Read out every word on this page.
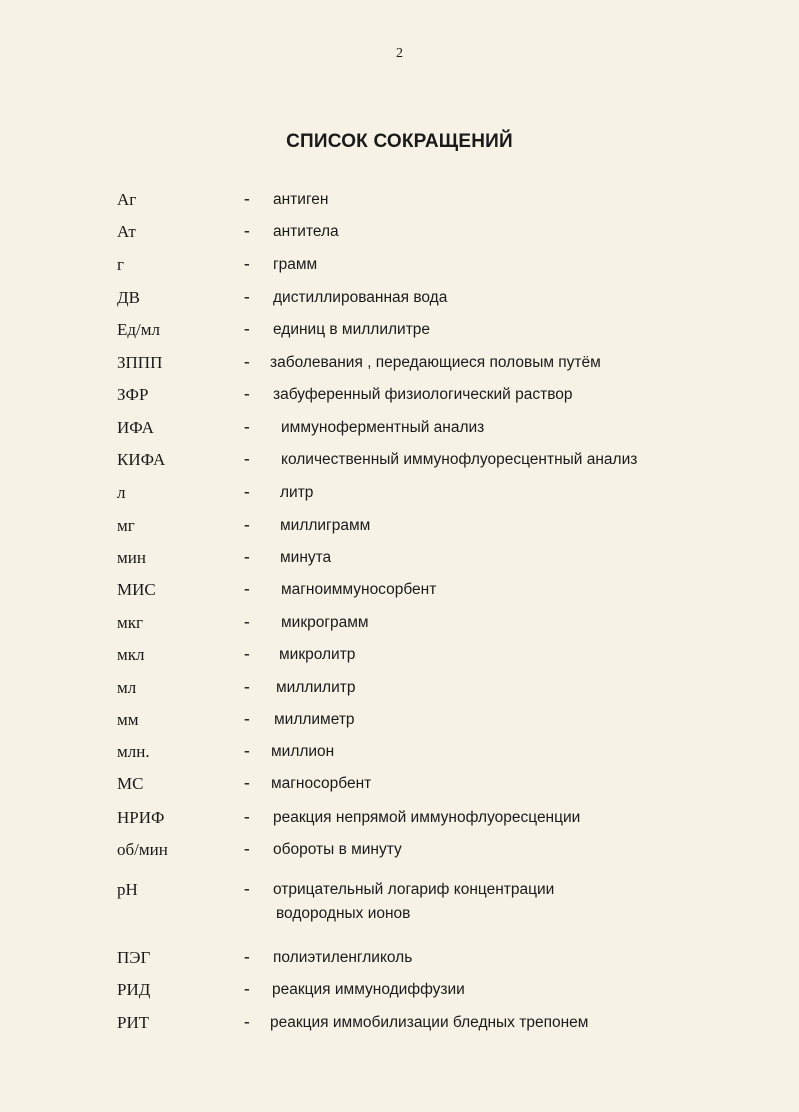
2
СПИСОК СОКРАЩЕНИЙ
Аг	- антиген
Ат	- антитела
г	- грамм
ДВ	- дистиллированная вода
Ед/мл	- единиц в миллилитре
ЗППП	- заболевания , передающиеся половым путём
ЗФР	- забуференный физиологический раствор
ИФА	- иммуноферментный анализ
КИФА	- количественный иммунофлуоресцентный анализ
л	- литр
мг	- миллиграмм
мин	- минута
МИС	- магноиммуносорбент
мкг	- микрограмм
мкл	- микролитр
мл	- миллилитр
мм	- миллиметр
млн.	- миллион
МС	- магносорбент
НРИФ	- реакция непрямой иммунофлуоресценции
об/мин	- обороты в минуту
pH	- отрицательный логариф концентрации
водородных ионов
ПЭГ	- полиэтиленгликоль
РИД	- реакция иммунодиффузии
РИТ	- реакция иммобилизации бледных трепонем
